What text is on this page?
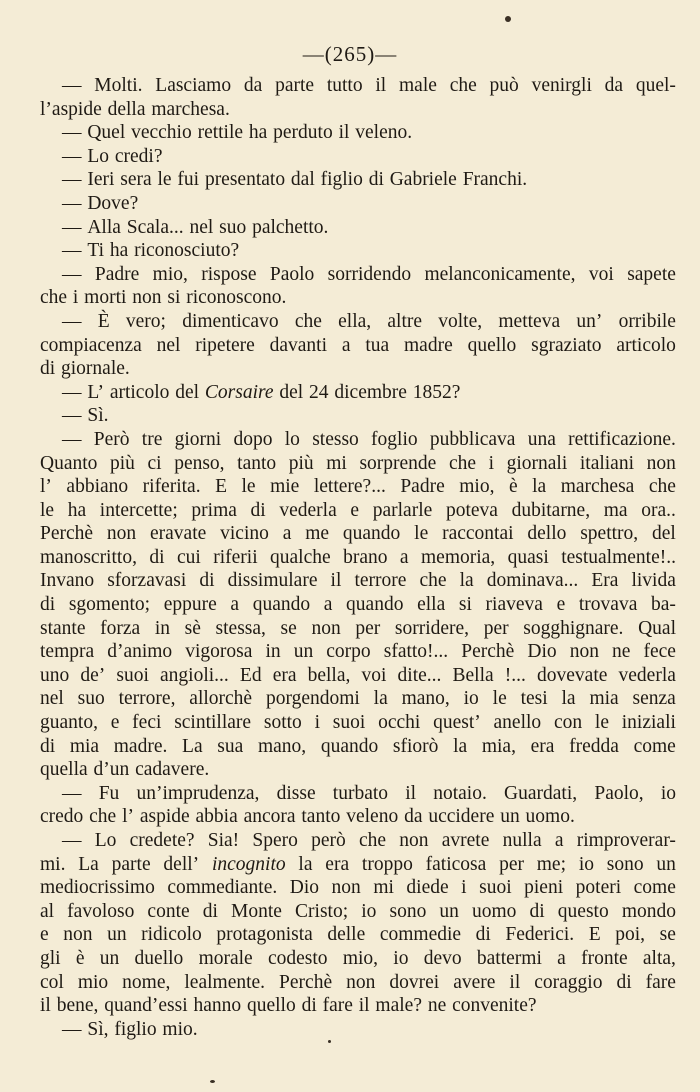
—(265)—
— Molti. Lasciamo da parte tutto il male che può venirgli da quel-
l’aspide della marchesa.
— Quel vecchio rettile ha perduto il veleno.
— Lo credi?
— Ieri sera le fui presentato dal figlio di Gabriele Franchi.
— Dove?
— Alla Scala... nel suo palchetto.
— Ti ha riconosciuto?
— Padre mio, rispose Paolo sorridendo melanconicamente, voi sapete
che i morti non si riconoscono.
— È vero; dimenticavo che ella, altre volte, metteva un’ orribile
compiacenza nel ripetere davanti a tua madre quello sgraziato articolo
di giornale.
— L’ articolo del Corsaire del 24 dicembre 1852?
— Sì.
— Però tre giorni dopo lo stesso foglio pubblicava una rettificazione.
Quanto più ci penso, tanto più mi sorprende che i giornali italiani non
l’ abbiano riferita. E le mie lettere?... Padre mio, è la marchesa che
le ha intercette; prima di vederla e parlarle poteva dubitarne, ma ora..
Perchè non eravate vicino a me quando le raccontai dello spettro, del
manoscritto, di cui riferii qualche brano a memoria, quasi testualmente!..
Invano sforzavasi di dissimulare il terrore che la dominava... Era livida
di sgomento; eppure a quando a quando ella si riaveva e trovava ba-
stante forza in sè stessa, se non per sorridere, per sogghignare. Qual
tempra d’animo vigorosa in un corpo sfatto!... Perchè Dio non ne fece
uno de’ suoi angioli... Ed era bella, voi dite... Bella !... dovevate vederla
nel suo terrore, allorchè porgendomi la mano, io le tesi la mia senza
guanto, e feci scintillare sotto i suoi occhi quest’ anello con le iniziali
di mia madre. La sua mano, quando sfiorò la mia, era fredda come
quella d’un cadavere.
— Fu un’imprudenza, disse turbato il notaio. Guardati, Paolo, io
credo che l’ aspide abbia ancora tanto veleno da uccidere un uomo.
— Lo credete? Sia! Spero però che non avrete nulla a rimproverar-
mi. La parte dell’ incognito la era troppo faticosa per me; io sono un
mediocrissimo commediante. Dio non mi diede i suoi pieni poteri come
al favoloso conte di Monte Cristo; io sono un uomo di questo mondo
e non un ridicolo protagonista delle commedie di Federici. E poi, se
gli è un duello morale codesto mio, io devo battermi a fronte alta,
col mio nome, lealmente. Perchè non dovrei avere il coraggio di fare
il bene, quand’essi hanno quello di fare il male? ne convenite?
— Sì, figlio mio.
